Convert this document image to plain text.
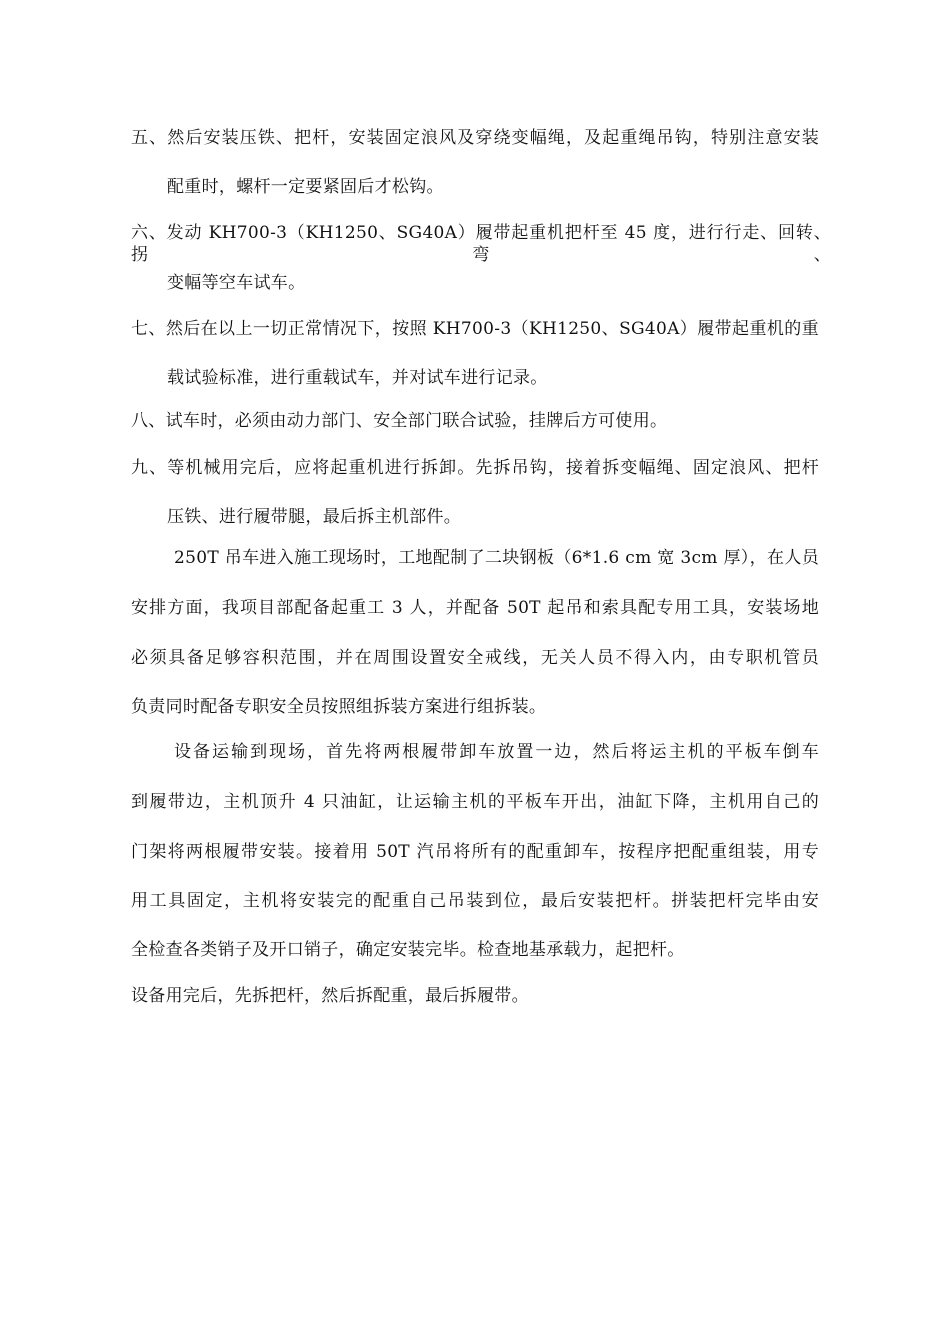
五、然后安装压铁、把杆，安装固定浪风及穿绕变幅绳，及起重绳吊钩，特别注意安装
配重时，螺杆一定要紧固后才松钩。
六、发动 KH700-3（KH1250、SG40A）履带起重机把杆至 45 度，进行行走、回转、拐弯、
变幅等空车试车。
七、然后在以上一切正常情况下，按照 KH700-3（KH1250、SG40A）履带起重机的重
载试验标准，进行重载试车，并对试车进行记录。
八、试车时，必须由动力部门、安全部门联合试验，挂牌后方可使用。
九、等机械用完后，应将起重机进行拆卸。先拆吊钩，接着拆变幅绳、固定浪风、把杆
压铁、进行履带腿，最后拆主机部件。
250T 吊车进入施工现场时，工地配制了二块钢板（6*1.6 cm 宽 3cm 厚），在人员
安排方面，我项目部配备起重工 3 人，并配备 50T 起吊和索具配专用工具，安装场地
必须具备足够容积范围，并在周围设置安全戒线，无关人员不得入内，由专职机管员
负责同时配备专职安全员按照组拆装方案进行组拆装。
设备运输到现场，首先将两根履带卸车放置一边，然后将运主机的平板车倒车
到履带边，主机顶升 4 只油缸，让运输主机的平板车开出，油缸下降，主机用自己的
门架将两根履带安装。接着用 50T 汽吊将所有的配重卸车，按程序把配重组装，用专
用工具固定，主机将安装完的配重自己吊装到位，最后安装把杆。拼装把杆完毕由安
全检查各类销子及开口销子，确定安装完毕。检查地基承载力，起把杆。
设备用完后，先拆把杆，然后拆配重，最后拆履带。
